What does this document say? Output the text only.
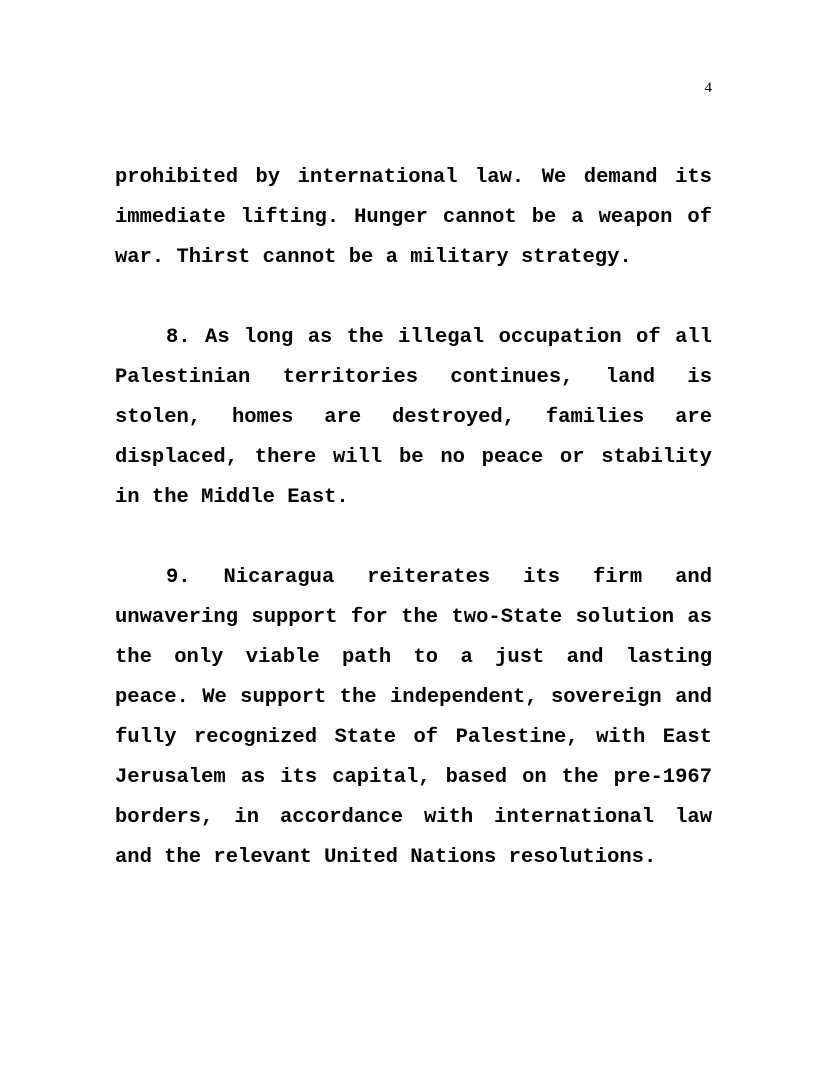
4

prohibited by international law. We demand its immediate lifting. Hunger cannot be a weapon of war. Thirst cannot be a military strategy.

8. As long as the illegal occupation of all Palestinian territories continues, land is stolen, homes are destroyed, families are displaced, there will be no peace or stability in the Middle East.

9. Nicaragua reiterates its firm and unwavering support for the two-State solution as the only viable path to a just and lasting peace. We support the independent, sovereign and fully recognized State of Palestine, with East Jerusalem as its capital, based on the pre-1967 borders, in accordance with international law and the relevant United Nations resolutions.
